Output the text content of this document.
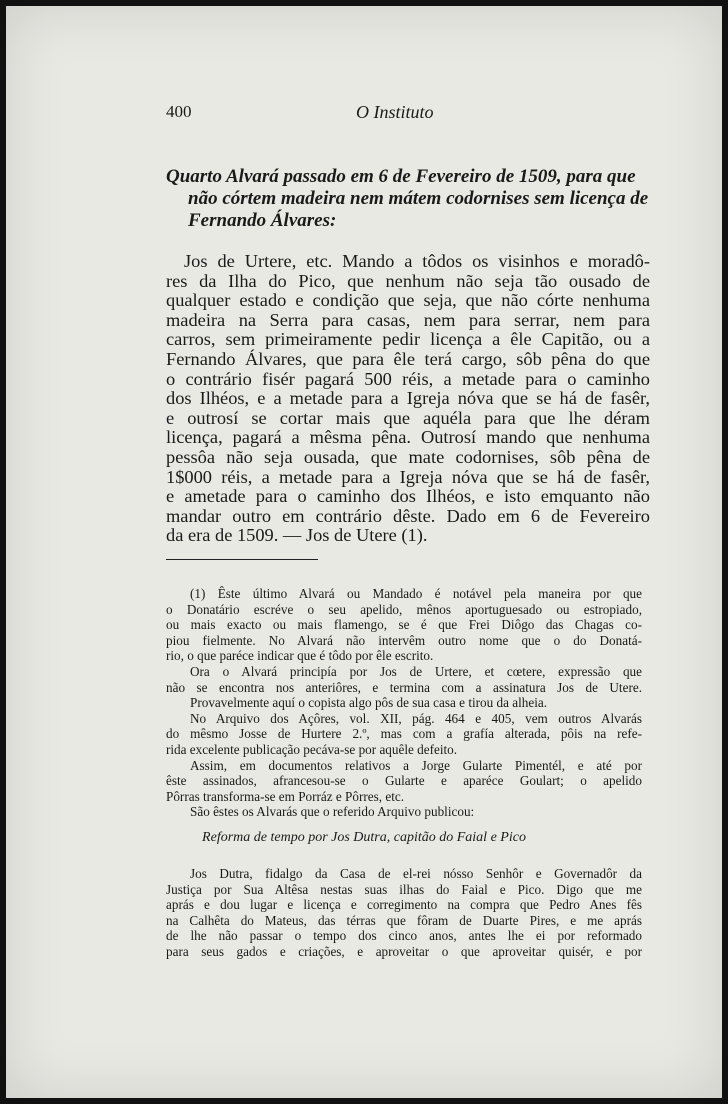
400	O Instituto
Quarto Alvará passado em 6 de Fevereiro de 1509, para que
não córtem madeira nem mátem codornises sem licença de
Fernando Álvares:
Jos de Urtere, etc. Mando a tôdos os visinhos e moradô-
res da Ilha do Pico, que nenhum não seja tão ousado de
qualquer estado e condição que seja, que não córte nenhuma
madeira na Serra para casas, nem para serrar, nem para
carros, sem primeiramente pedir licença a êle Capitão, ou a
Fernando Álvares, que para êle terá cargo, sôb pêna do que
o contrário fisér pagará 500 réis, a metade para o caminho
dos Ilhéos, e a metade para a Igreja nóva que se há de fasêr,
e outrosí se cortar mais que aquéla para que lhe déram
licença, pagará a mêsma pêna. Outrosí mando que nenhuma
pessôa não seja ousada, que mate codornises, sôb pêna de
1$000 réis, a metade para a Igreja nóva que se há de fasêr,
e ametade para o caminho dos Ilhéos, e isto emquanto não
mandar outro em contrário dêste. Dado em 6 de Fevereiro
da era de 1509. — Jos de Utere (1).
(1) Êste último Alvará ou Mandado é notável pela maneira por que
o Donatário escréve o seu apelido, mênos aportuguesado ou estropiado,
ou mais exacto ou mais flamengo, se é que Frei Diôgo das Chagas co-
piou fielmente. No Alvará não intervêm outro nome que o do Donatá-
rio, o que paréce indicar que é tôdo por êle escrito.
Ora o Alvará principía por Jos de Urtere, et cœtere, expressão que
não se encontra nos anteriôres, e termina com a assinatura Jos de Utere.
Provavelmente aquí o copista algo pôs de sua casa e tirou da alheia.
No Arquivo dos Açôres, vol. XII, pág. 464 e 405, vem outros Alvarás
do mêsmo Josse de Hurtere 2.º, mas com a grafía alterada, pôis na refe-
rida excelente publicação pecáva-se por aquêle defeito.
Assim, em documentos relativos a Jorge Gularte Pimentél, e até por
êste assinados, afrancesou-se o Gularte e aparéce Goulart; o apelido
Pôrras transforma-se em Porráz e Pôrres, etc.
São êstes os Alvarás que o referido Arquivo publicou:
Reforma de tempo por Jos Dutra, capitão do Faial e Pico
Jos Dutra, fidalgo da Casa de el-rei nósso Senhôr e Governadôr da
Justiça por Sua Altêsa nestas suas ilhas do Faial e Pico. Digo que me
aprás e dou lugar e licença e corregimento na compra que Pedro Anes fês
na Calhêta do Mateus, das térras que fôram de Duarte Pires, e me aprás
de lhe não passar o tempo dos cinco anos, antes lhe ei por reformado
para seus gados e criações, e aproveitar o que aproveitar quisér, e por
